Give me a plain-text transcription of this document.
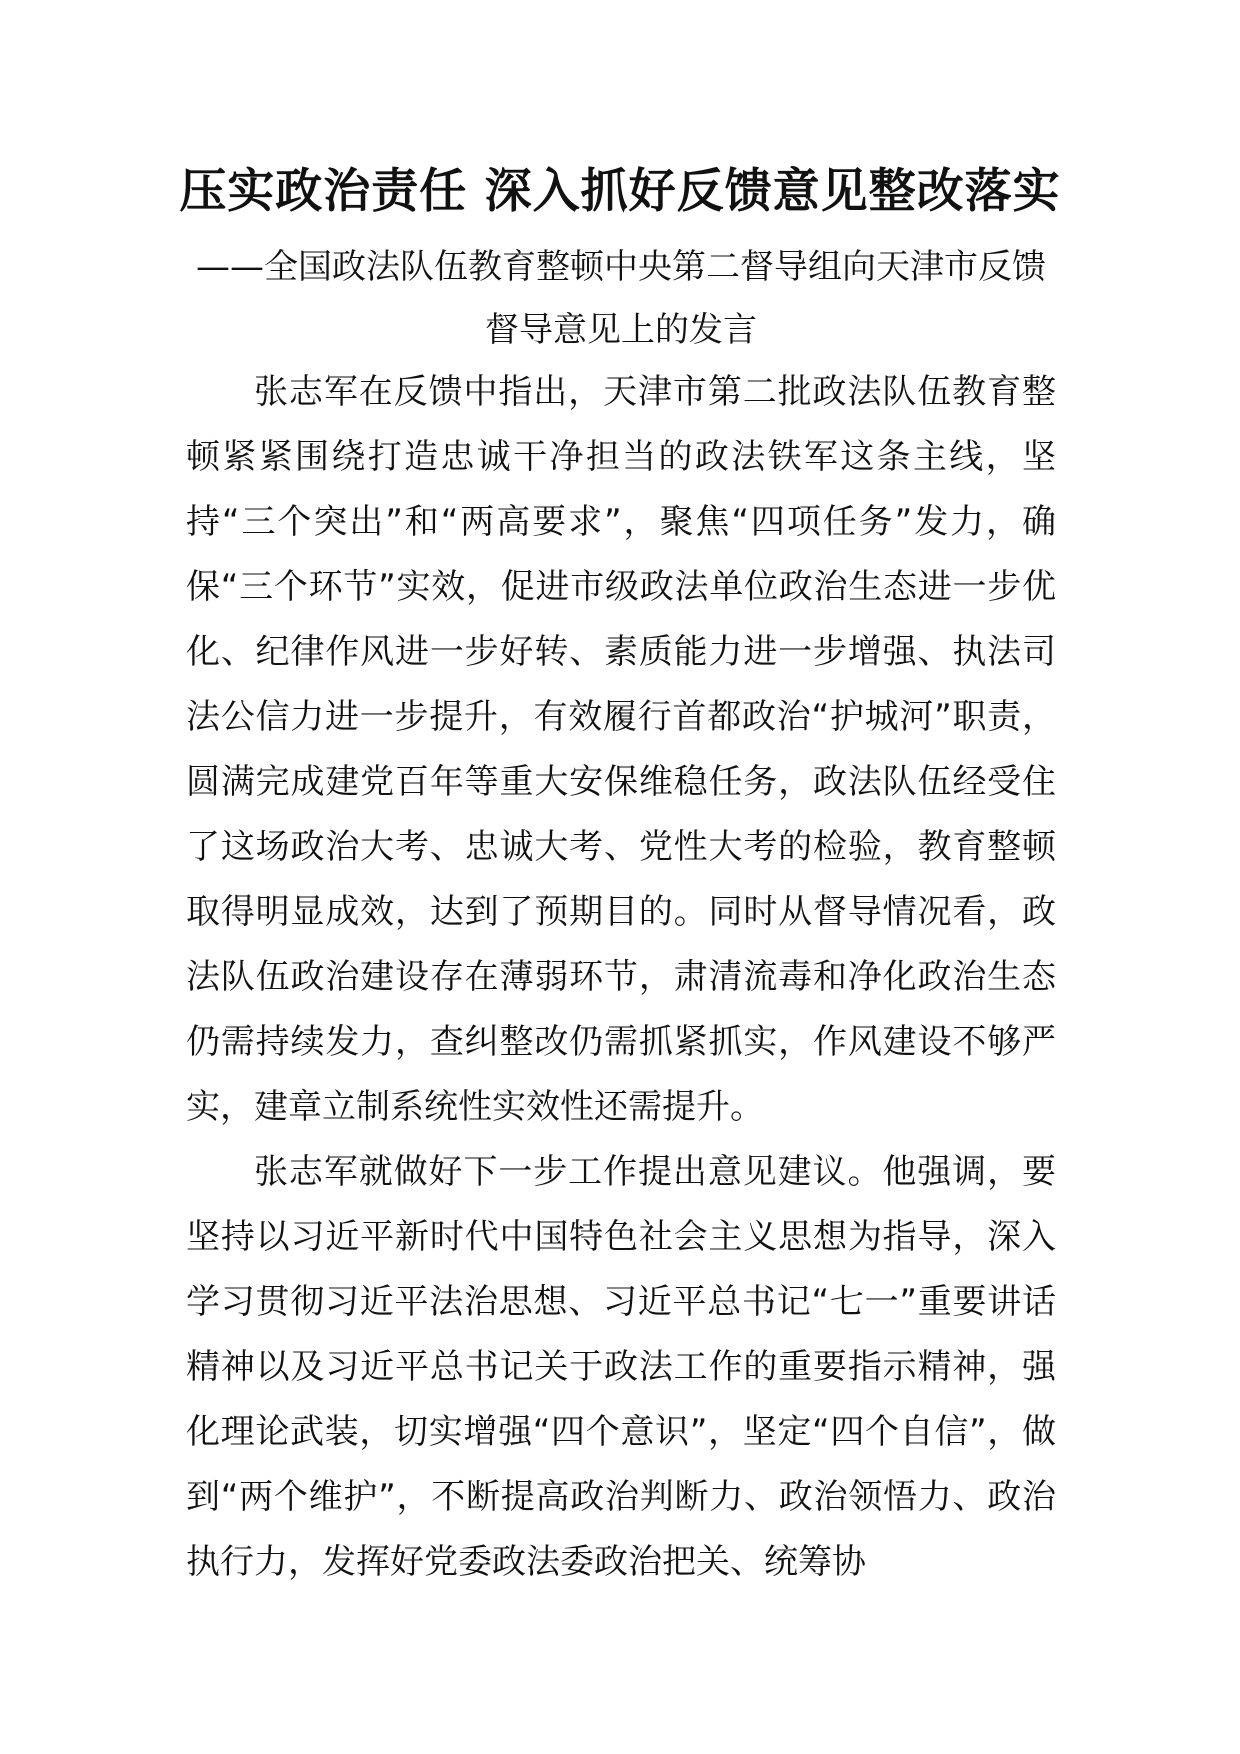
压实政治责任 深入抓好反馈意见整改落实
——全国政法队伍教育整顿中央第二督导组向天津市反馈督导意见上的发言

张志军在反馈中指出，天津市第二批政法队伍教育整顿紧紧围绕打造忠诚干净担当的政法铁军这条主线，坚持“三个突出”和“两高要求”，聚焦“四项任务”发力，确保“三个环节”实效，促进市级政法单位政治生态进一步优化、纪律作风进一步好转、素质能力进一步增强、执法司法公信力进一步提升，有效履行首都政治“护城河”职责，圆满完成建党百年等重大安保维稳任务，政法队伍经受住了这场政治大考、忠诚大考、党性大考的检验，教育整顿取得明显成效，达到了预期目的。同时从督导情况看，政法队伍政治建设存在薄弱环节，肃清流毒和净化政治生态仍需持续发力，查纠整改仍需抓紧抓实，作风建设不够严实，建章立制系统性实效性还需提升。

张志军就做好下一步工作提出意见建议。他强调，要坚持以习近平新时代中国特色社会主义思想为指导，深入学习贯彻习近平法治思想、习近平总书记“七一”重要讲话精神以及习近平总书记关于政法工作的重要指示精神，强化理论武装，切实增强“四个意识”，坚定“四个自信”，做到“两个维护”，不断提高政治判断力、政治领悟力、政治执行力，发挥好党委政法委政治把关、统筹协
